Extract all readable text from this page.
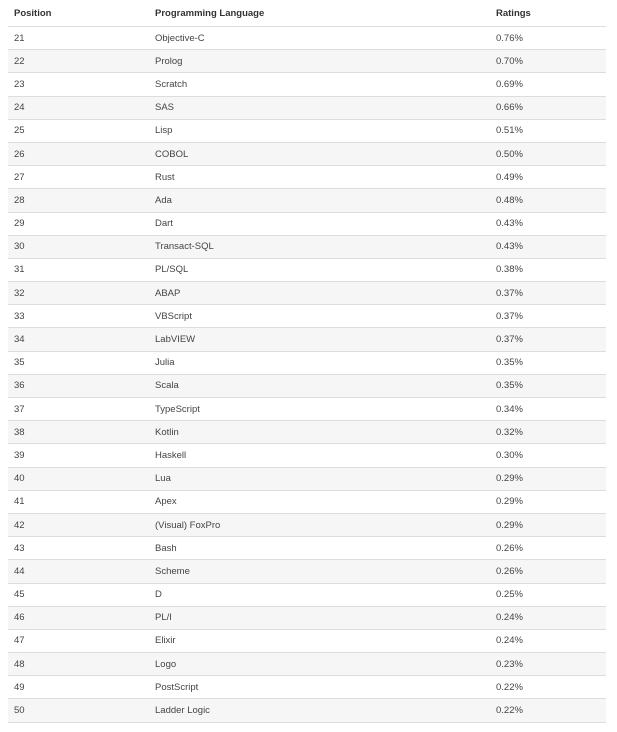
Position	Programming Language	Ratings
21	Objective-C	0.76%
22	Prolog	0.70%
23	Scratch	0.69%
24	SAS	0.66%
25	Lisp	0.51%
26	COBOL	0.50%
27	Rust	0.49%
28	Ada	0.48%
29	Dart	0.43%
30	Transact-SQL	0.43%
31	PL/SQL	0.38%
32	ABAP	0.37%
33	VBScript	0.37%
34	LabVIEW	0.37%
35	Julia	0.35%
36	Scala	0.35%
37	TypeScript	0.34%
38	Kotlin	0.32%
39	Haskell	0.30%
40	Lua	0.29%
41	Apex	0.29%
42	(Visual) FoxPro	0.29%
43	Bash	0.26%
44	Scheme	0.26%
45	D	0.25%
46	PL/I	0.24%
47	Elixir	0.24%
48	Logo	0.23%
49	PostScript	0.22%
50	Ladder Logic	0.22%
